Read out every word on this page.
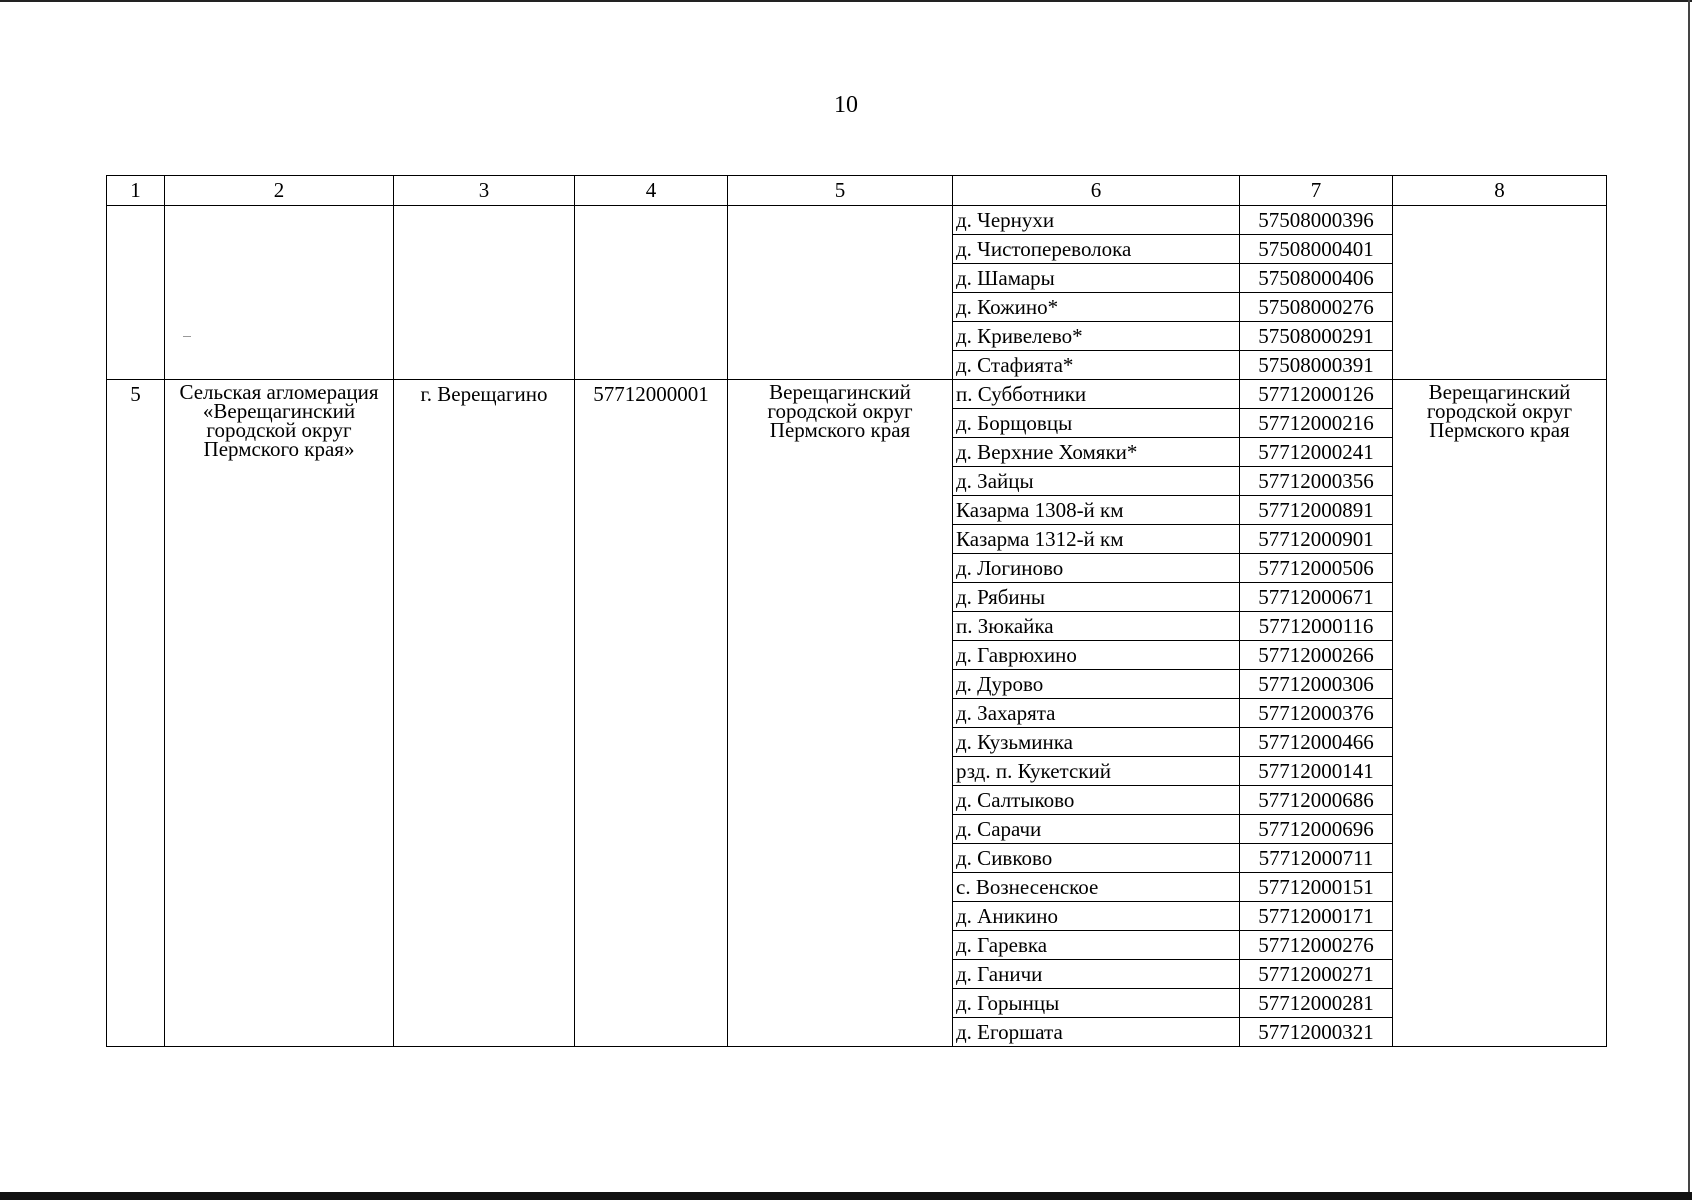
10
1	2	3	4	5	6	7	8
					д. Чернухи	57508000396	
					д. Чистопереволока	57508000401	
					д. Шамары	57508000406	
					д. Кожино*	57508000276	
					д. Кривелево*	57508000291	
					д. Стафията*	57508000391	
5	Сельская агломерация «Верещагинский городской округ Пермского края»	г. Верещагино	57712000001	Верещагинский городской округ Пермского края	п. Субботники	57712000126	Верещагинский городской округ Пермского края
					д. Борщовцы	57712000216	
					д. Верхние Хомяки*	57712000241	
					д. Зайцы	57712000356	
					Казарма 1308-й км	57712000891	
					Казарма 1312-й км	57712000901	
					д. Логиново	57712000506	
					д. Рябины	57712000671	
					п. Зюкайка	57712000116	
					д. Гаврюхино	57712000266	
					д. Дурово	57712000306	
					д. Захарята	57712000376	
					д. Кузьминка	57712000466	
					рзд. п. Кукетский	57712000141	
					д. Салтыково	57712000686	
					д. Сарачи	57712000696	
					д. Сивково	57712000711	
					с. Вознесенское	57712000151	
					д. Аникино	57712000171	
					д. Гаревка	57712000276	
					д. Ганичи	57712000271	
					д. Горынцы	57712000281	
					д. Егоршата	57712000321	
